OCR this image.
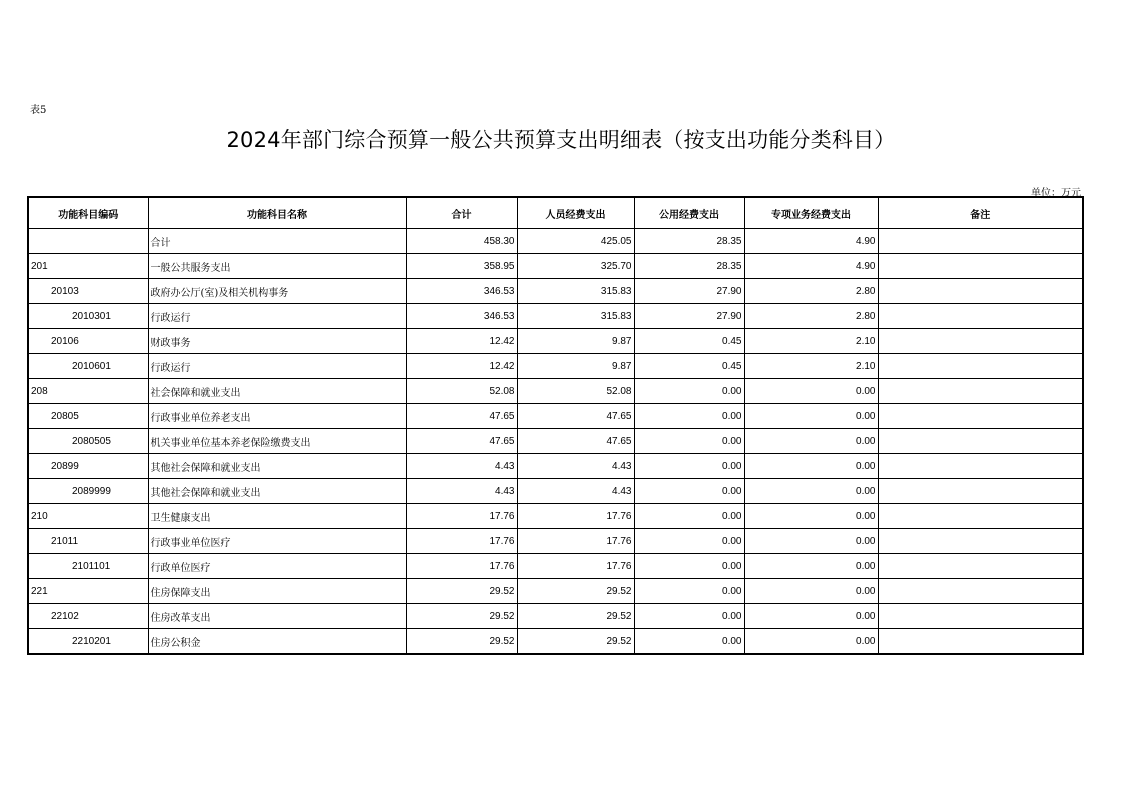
表5
2024年部门综合预算一般公共预算支出明细表（按支出功能分类科目）
单位：万元
功能科目编码	功能科目名称	合计	人员经费支出	公用经费支出	专项业务经费支出	备注
	合计	458.30	425.05	28.35	4.90	
201	一般公共服务支出	358.95	325.70	28.35	4.90	
20103	政府办公厅(室)及相关机构事务	346.53	315.83	27.90	2.80	
2010301	行政运行	346.53	315.83	27.90	2.80	
20106	财政事务	12.42	9.87	0.45	2.10	
2010601	行政运行	12.42	9.87	0.45	2.10	
208	社会保障和就业支出	52.08	52.08	0.00	0.00	
20805	行政事业单位养老支出	47.65	47.65	0.00	0.00	
2080505	机关事业单位基本养老保险缴费支出	47.65	47.65	0.00	0.00	
20899	其他社会保障和就业支出	4.43	4.43	0.00	0.00	
2089999	其他社会保障和就业支出	4.43	4.43	0.00	0.00	
210	卫生健康支出	17.76	17.76	0.00	0.00	
21011	行政事业单位医疗	17.76	17.76	0.00	0.00	
2101101	行政单位医疗	17.76	17.76	0.00	0.00	
221	住房保障支出	29.52	29.52	0.00	0.00	
22102	住房改革支出	29.52	29.52	0.00	0.00	
2210201	住房公积金	29.52	29.52	0.00	0.00	
